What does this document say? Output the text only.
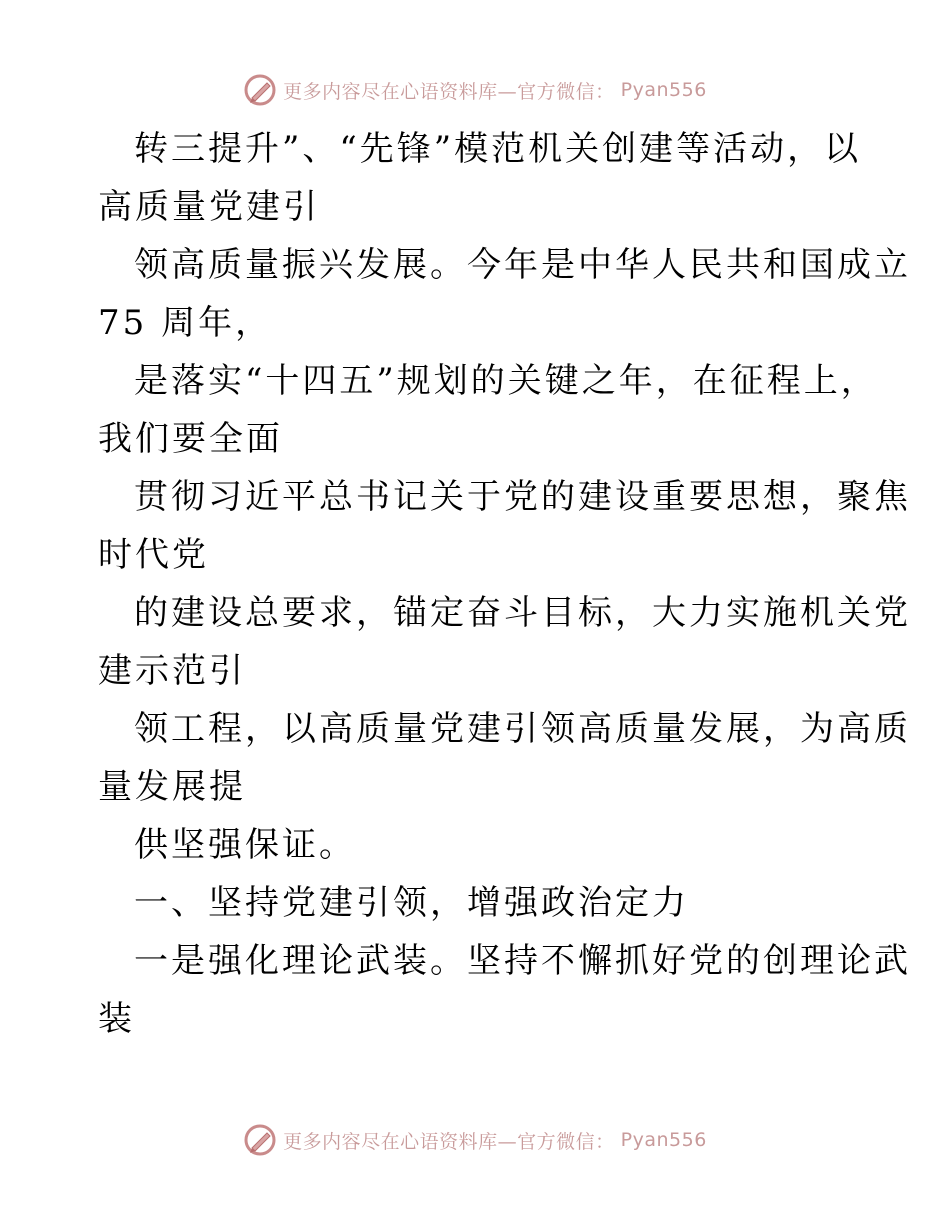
更多内容尽在心语资料库—官方微信： Pyan556
转三提升”、“先锋”模范机关创建等活动，以
高质量党建引
领高质量振兴发展。今年是中华人民共和国成立
75 周年，
是落实“十四五”规划的关键之年，在征程上，
我们要全面
贯彻习近平总书记关于党的建设重要思想，聚焦
时代党
的建设总要求，锚定奋斗目标，大力实施机关党
建示范引
领工程，以高质量党建引领高质量发展，为高质
量发展提
供坚强保证。
一、坚持党建引领，增强政治定力
一是强化理论武装。坚持不懈抓好党的创理论武
装
更多内容尽在心语资料库—官方微信： Pyan556
